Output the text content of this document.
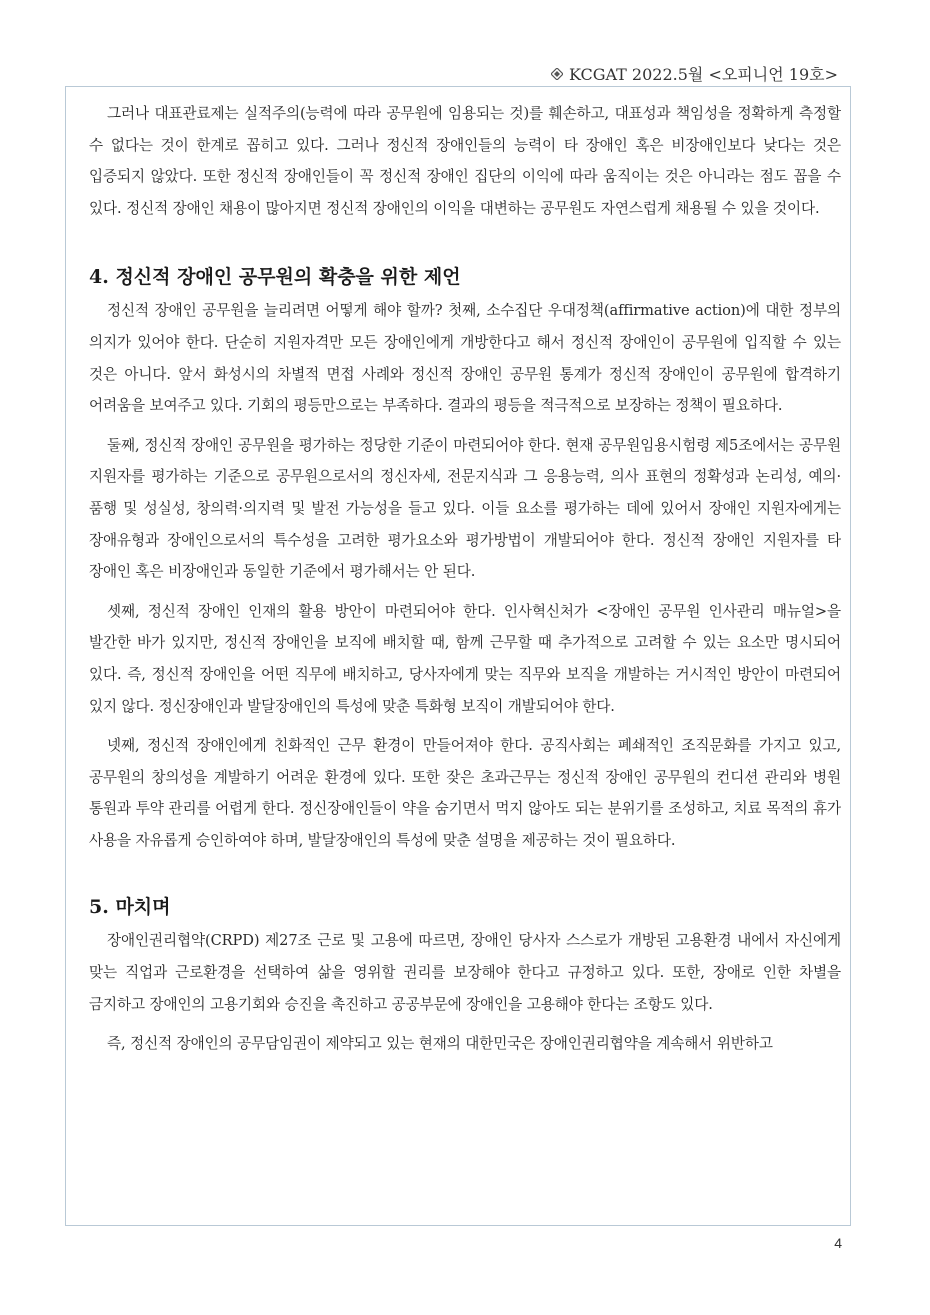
KCGAT 2022.5월 <오피니언 19호>

그러나 대표관료제는 실적주의(능력에 따라 공무원에 임용되는 것)를 훼손하고, 대표성과 책임성을 정확하게 측정할 수 없다는 것이 한계로 꼽히고 있다. 그러나 정신적 장애인들의 능력이 타 장애인 혹은 비장애인보다 낮다는 것은 입증되지 않았다. 또한 정신적 장애인들이 꼭 정신적 장애인 집단의 이익에 따라 움직이는 것은 아니라는 점도 꼽을 수 있다. 정신적 장애인 채용이 많아지면 정신적 장애인의 이익을 대변하는 공무원도 자연스럽게 채용될 수 있을 것이다.

4. 정신적 장애인 공무원의 확충을 위한 제언

정신적 장애인 공무원을 늘리려면 어떻게 해야 할까? 첫째, 소수집단 우대정책(affirmative action)에 대한 정부의 의지가 있어야 한다. 단순히 지원자격만 모든 장애인에게 개방한다고 해서 정신적 장애인이 공무원에 입직할 수 있는 것은 아니다. 앞서 화성시의 차별적 면접 사례와 정신적 장애인 공무원 통계가 정신적 장애인이 공무원에 합격하기 어려움을 보여주고 있다. 기회의 평등만으로는 부족하다. 결과의 평등을 적극적으로 보장하는 정책이 필요하다.

둘째, 정신적 장애인 공무원을 평가하는 정당한 기준이 마련되어야 한다. 현재 공무원임용시험령 제5조에서는 공무원 지원자를 평가하는 기준으로 공무원으로서의 정신자세, 전문지식과 그 응용능력, 의사 표현의 정확성과 논리성, 예의·품행 및 성실성, 창의력·의지력 및 발전 가능성을 들고 있다. 이들 요소를 평가하는 데에 있어서 장애인 지원자에게는 장애유형과 장애인으로서의 특수성을 고려한 평가요소와 평가방법이 개발되어야 한다. 정신적 장애인 지원자를 타 장애인 혹은 비장애인과 동일한 기준에서 평가해서는 안 된다.

셋째, 정신적 장애인 인재의 활용 방안이 마련되어야 한다. 인사혁신처가 <장애인 공무원 인사관리 매뉴얼>을 발간한 바가 있지만, 정신적 장애인을 보직에 배치할 때, 함께 근무할 때 추가적으로 고려할 수 있는 요소만 명시되어 있다. 즉, 정신적 장애인을 어떤 직무에 배치하고, 당사자에게 맞는 직무와 보직을 개발하는 거시적인 방안이 마련되어 있지 않다. 정신장애인과 발달장애인의 특성에 맞춘 특화형 보직이 개발되어야 한다.

넷째, 정신적 장애인에게 친화적인 근무 환경이 만들어져야 한다. 공직사회는 폐쇄적인 조직문화를 가지고 있고, 공무원의 창의성을 계발하기 어려운 환경에 있다. 또한 잦은 초과근무는 정신적 장애인 공무원의 컨디션 관리와 병원 통원과 투약 관리를 어렵게 한다. 정신장애인들이 약을 숨기면서 먹지 않아도 되는 분위기를 조성하고, 치료 목적의 휴가 사용을 자유롭게 승인하여야 하며, 발달장애인의 특성에 맞춘 설명을 제공하는 것이 필요하다.

5. 마치며

장애인권리협약(CRPD) 제27조 근로 및 고용에 따르면, 장애인 당사자 스스로가 개방된 고용환경 내에서 자신에게 맞는 직업과 근로환경을 선택하여 삶을 영위할 권리를 보장해야 한다고 규정하고 있다. 또한, 장애로 인한 차별을 금지하고 장애인의 고용기회와 승진을 촉진하고 공공부문에 장애인을 고용해야 한다는 조항도 있다.

즉, 정신적 장애인의 공무담임권이 제약되고 있는 현재의 대한민국은 장애인권리협약을 계속해서 위반하고

4
